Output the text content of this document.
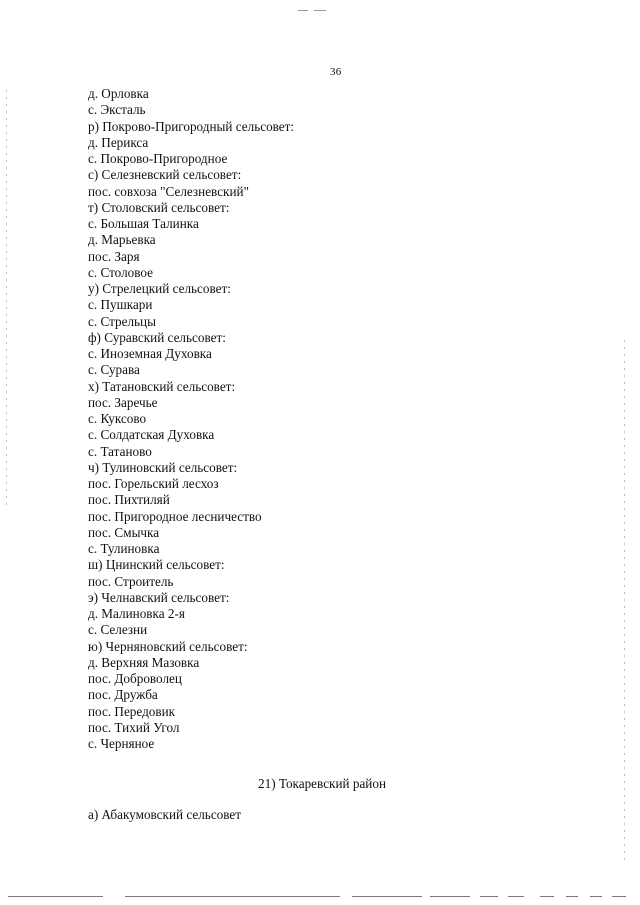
36
д. Орловка
с. Эксталь
р) Покрово-Пригородный сельсовет:
д. Перикса
с. Покрово-Пригородное
с) Селезневский сельсовет:
пос. совхоза "Селезневский"
т) Столовский сельсовет:
с. Большая Талинка
д. Марьевка
пос. Заря
с. Столовое
у) Стрелецкий сельсовет:
с. Пушкари
с. Стрельцы
ф) Суравский сельсовет:
с. Иноземная Духовка
с. Сурава
х) Татановский сельсовет:
пос. Заречье
с. Куксово
с. Солдатская Духовка
с. Татаново
ч) Тулиновский сельсовет:
пос. Горельский лесхоз
пос. Пихтиляй
пос. Пригородное лесничество
пос. Смычка
с. Тулиновка
ш) Цнинский сельсовет:
пос. Строитель
э) Челнавский сельсовет:
д. Малиновка 2-я
с. Селезни
ю) Черняновский сельсовет:
д. Верхняя Мазовка
пос. Доброволец
пос. Дружба
пос. Передовик
пос. Тихий Угол
с. Черняное
21) Токаревский район
а) Абакумовский сельсовет
